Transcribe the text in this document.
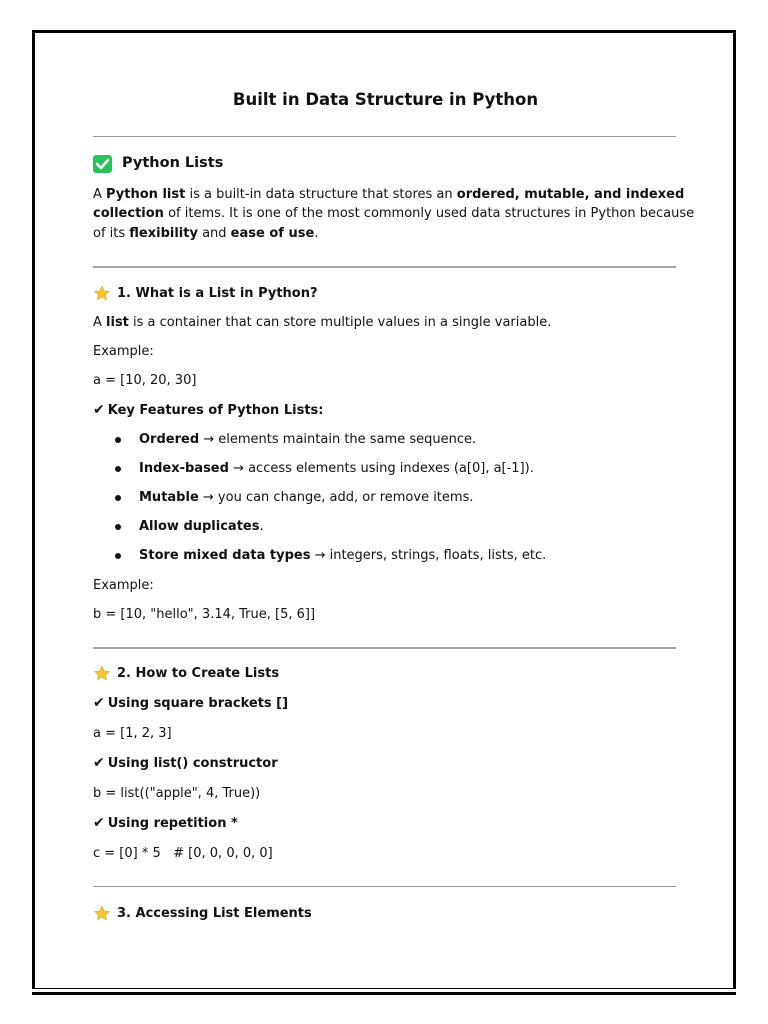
Built in Data Structure in Python
Python Lists
A Python list is a built-in data structure that stores an ordered, mutable, and indexed
collection of items. It is one of the most commonly used data structures in Python because
of its flexibility and ease of use.
1. What is a List in Python?
A list is a container that can store multiple values in a single variable.
Example:
a = [10, 20, 30]
✔ Key Features of Python Lists:
Ordered → elements maintain the same sequence.
Index-based → access elements using indexes (a[0], a[-1]).
Mutable → you can change, add, or remove items.
Allow duplicates.
Store mixed data types → integers, strings, floats, lists, etc.
Example:
b = [10, "hello", 3.14, True, [5, 6]]
2. How to Create Lists
✔ Using square brackets []
a = [1, 2, 3]
✔ Using list() constructor
b = list(("apple", 4, True))
✔ Using repetition *
c = [0] * 5   # [0, 0, 0, 0, 0]
3. Accessing List Elements
